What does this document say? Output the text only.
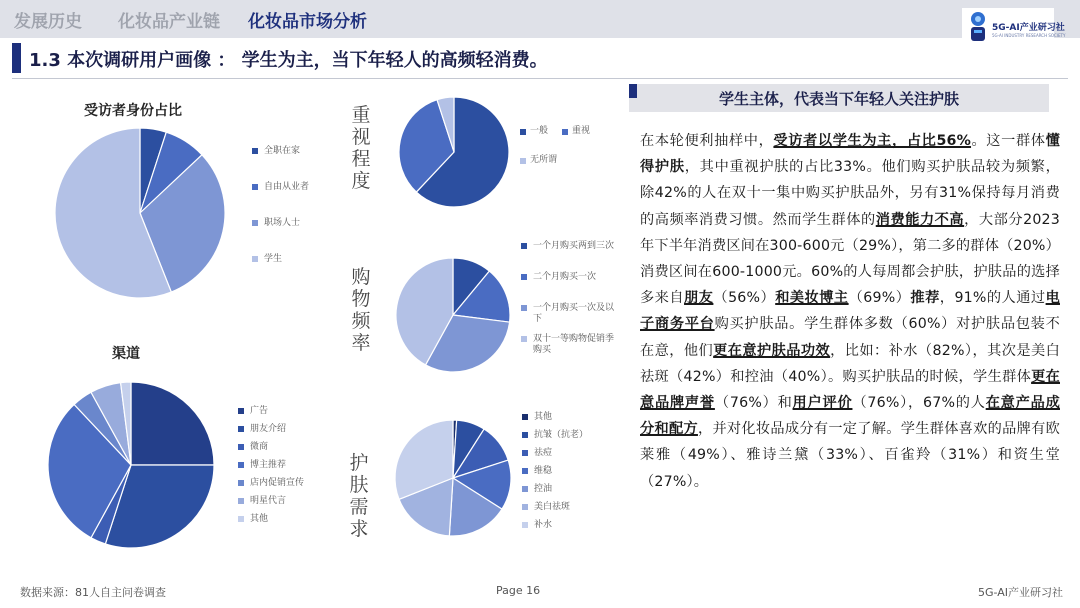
发展历史 化妆品产业链 化妆品市场分析	5G-AI产业研习社
5G-AI INDUSTRY RESEARCH SOCIETY
1.3 本次调研用户画像 ： 学生为主，当下年轻人的高频轻消费。
受访者身份占比
全职在家
自由从业者
职场人士
学生
重
视
程
度
一般	重视
无所谓
购
物
频
率
一个月购买两到三次
二个月购买一次
一个月购买一次及以下
双十一等购物促销季购买
渠道
广告
朋友介绍
微商
博主推荐
店内促销宣传
明星代言
其他
护
肤
需
求
其他
抗皱（抗老）
祛痘
维稳
控油
美白祛斑
补水
学生主体，代表当下年轻人关注护肤
在本轮便利抽样中，受访者以学生为主，占比56%。这一群体懂得护肤，其中重视护肤的占比33%。他们购买护肤品较为频繁，除42%的人在双十一集中购买护肤品外，另有31%保持每月消费的高频率消费习惯。然而学生群体的消费能力不高，大部分2023年下半年消费区间在300-600元（29%），第二多的群体（20%）消费区间在600-1000元。60%的人每周都会护肤，护肤品的选择多来自朋友（56%）和美妆博主（69%）推荐，91%的人通过电子商务平台购买护肤品。学生群体多数（60%）对护肤品包装不在意，他们更在意护肤品功效，比如：补水（82%），其次是美白祛斑（42%）和控油（40%）。购买护肤品的时候，学生群体更在意品牌声誉（76%）和用户评价（76%），67%的人在意产品成分和配方，并对化妆品成分有一定了解。学生群体喜欢的品牌有欧莱雅（49%）、雅诗兰黛（33%）、百雀羚（31%）和资生堂（27%）。
数据来源：81人自主问卷调查	Page 16	5G-AI产业研习社
